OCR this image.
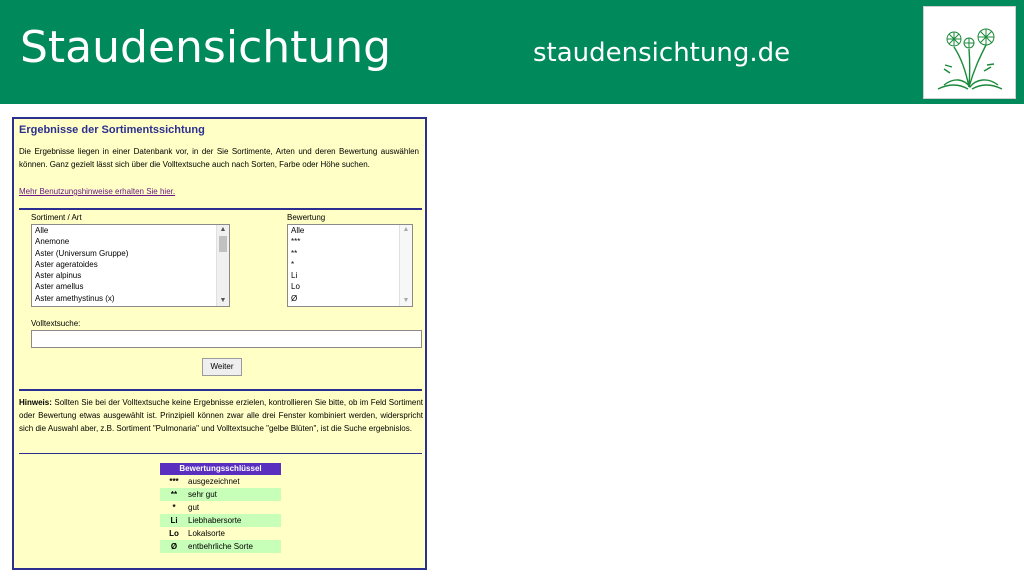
Staudensichtung	staudensichtung.de
Ergebnisse der Sortimentssichtung
Die Ergebnisse liegen in einer Datenbank vor, in der Sie Sortimente, Arten und deren Bewertung auswählen können. Ganz gezielt lässt sich über die Volltextsuche auch nach Sorten, Farbe oder Höhe suchen.
Mehr Benutzungshinweise erhalten Sie hier.
Sortiment / Art
Alle
Anemone
Aster (Universum Gruppe)
Aster ageratoides
Aster alpinus
Aster amellus
Aster amethystinus (x)
▲
▼
Bewertung
Alle
***
**
*
Li
Lo
Ø
▲
▼
Volltextsuche:
Weiter
Hinweis: Sollten Sie bei der Volltextsuche keine Ergebnisse erzielen, kontrollieren Sie bitte, ob im Feld Sortiment oder Bewertung etwas ausgewählt ist. Prinzipiell können zwar alle drei Fenster kombiniert werden, widerspricht sich die Auswahl aber, z.B. Sortiment "Pulmonaria" und Volltextsuche "gelbe Blüten", ist die Suche ergebnislos.
Bewertungsschlüssel
***	ausgezeichnet
**	sehr gut
*	gut
Li	Liebhabersorte
Lo	Lokalsorte
Ø	entbehrliche Sorte
